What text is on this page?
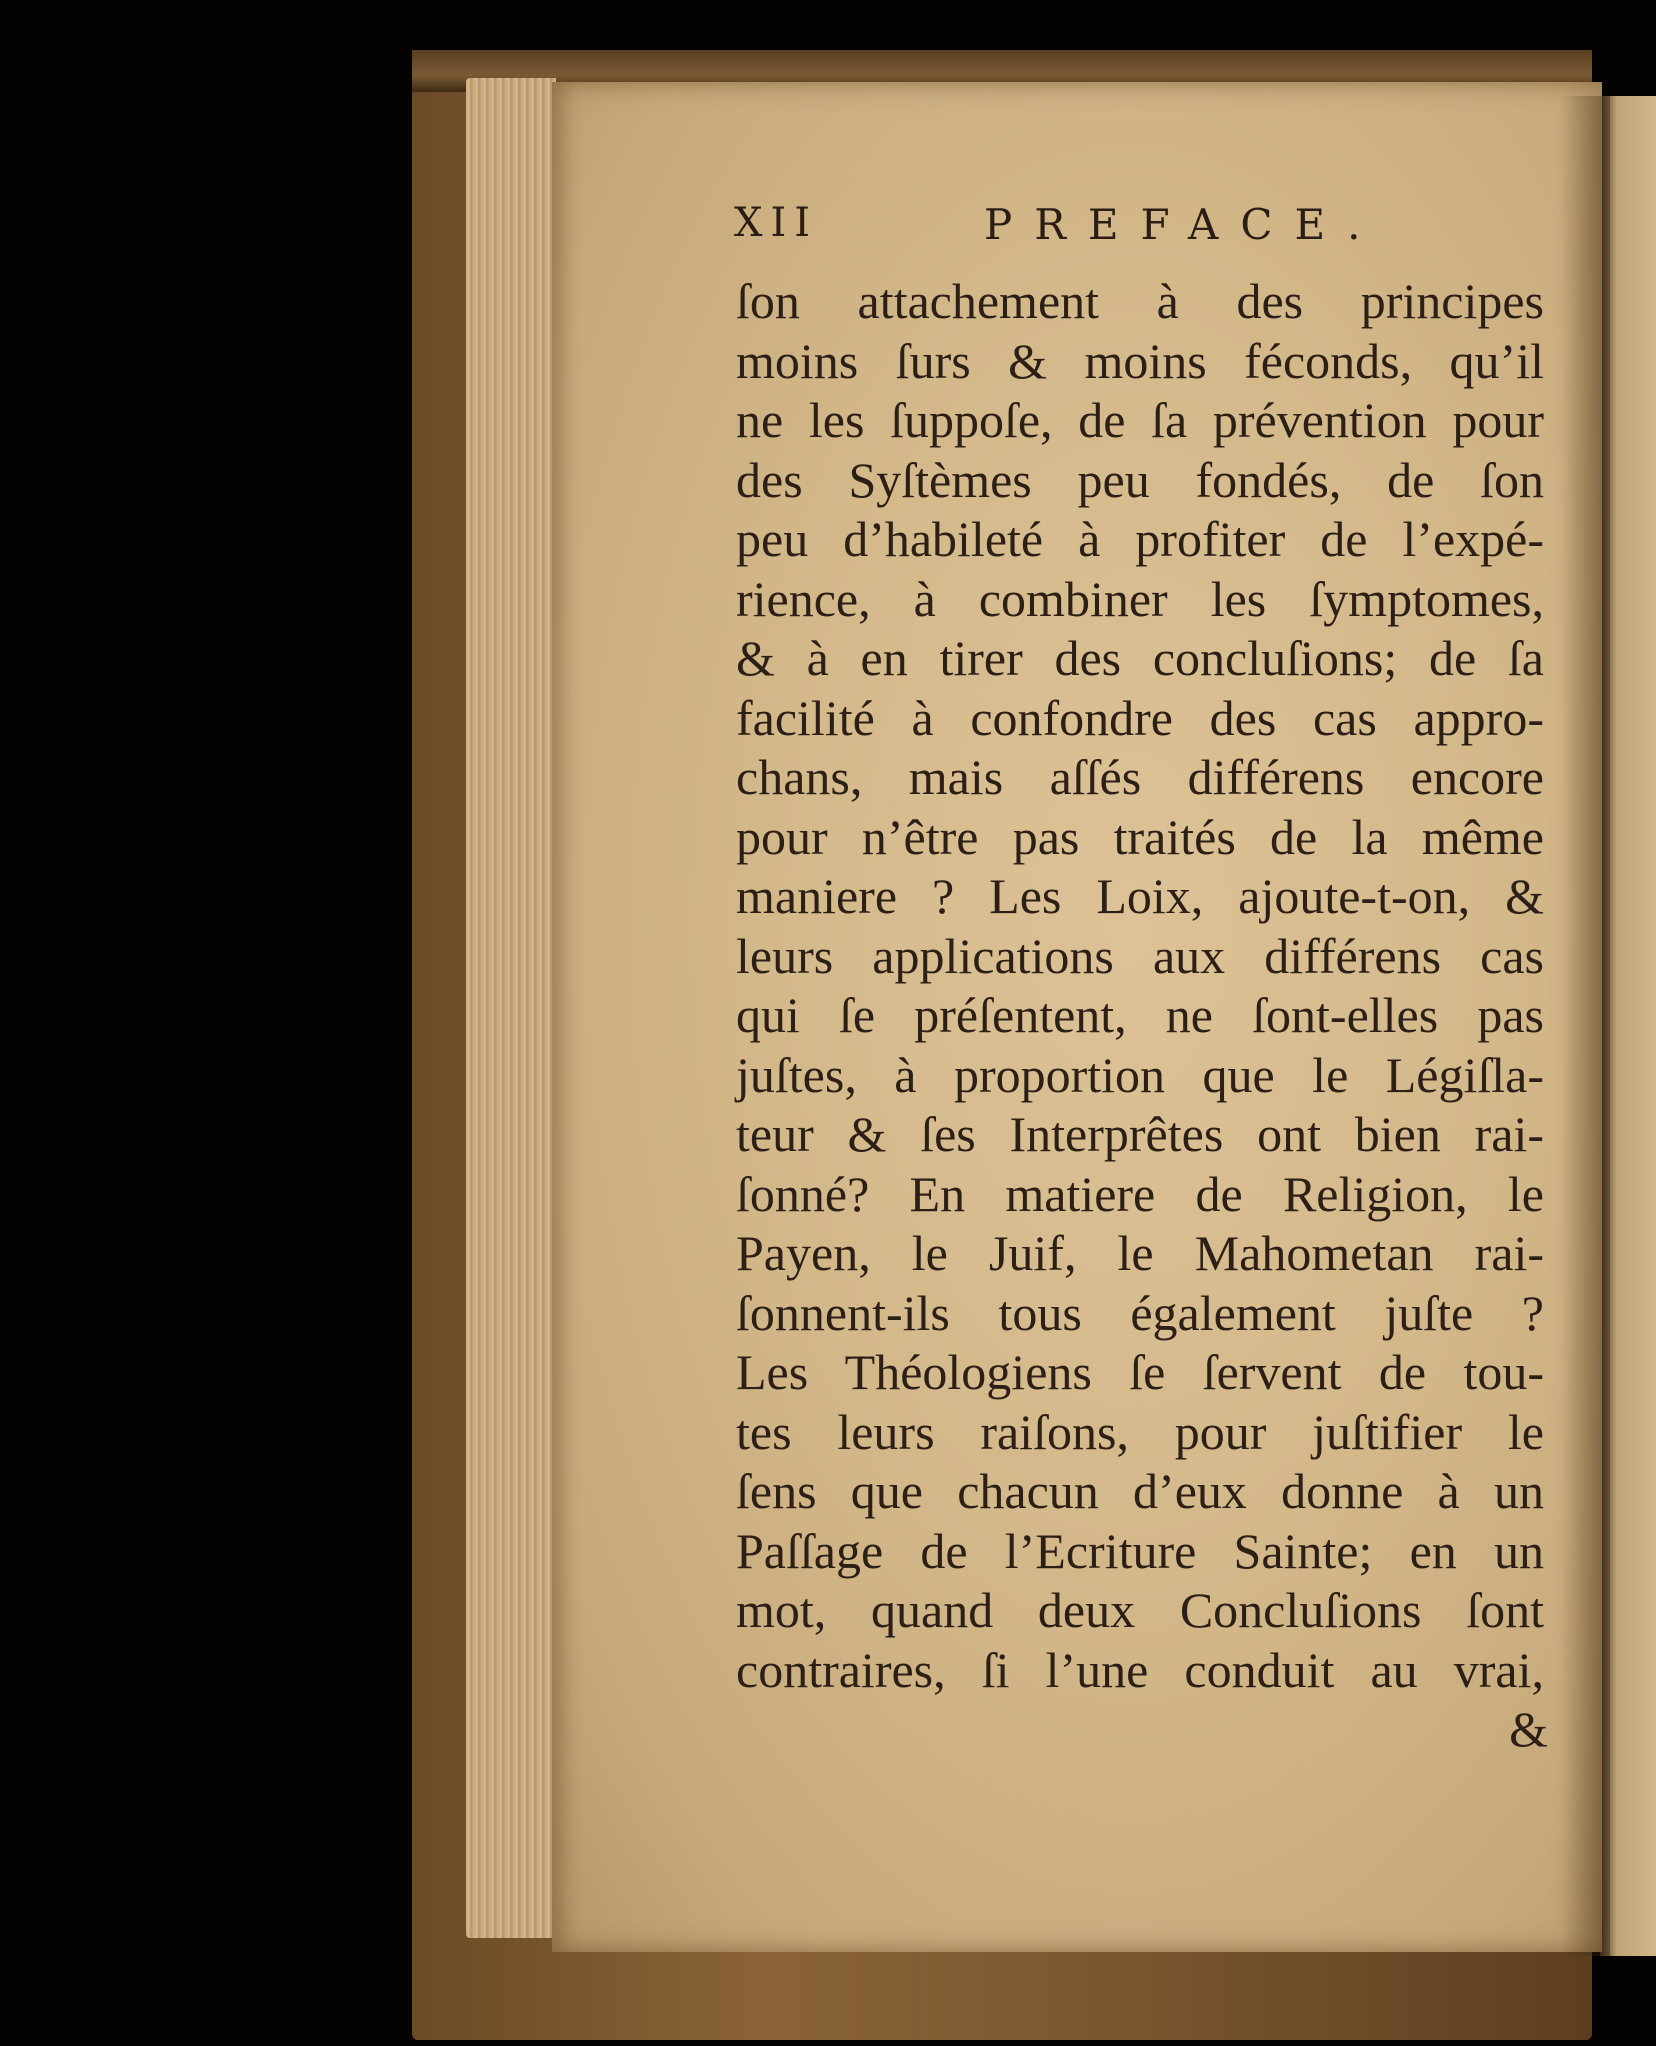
XII	PREFACE.
ſon attachement à des principes
moins ſurs & moins féconds, qu’il
ne les ſuppoſe, de ſa prévention pour
des Syſtèmes peu fondés, de ſon
peu d’habileté à profiter de l’expé-
rience, à combiner les ſymptomes,
& à en tirer des concluſions; de ſa
facilité à confondre des cas appro-
chans, mais aſſés différens encore
pour n’être pas traités de la même
maniere ? Les Loix, ajoute-t-on, &
leurs applications aux différens cas
qui ſe préſentent, ne ſont-elles pas
juſtes, à proportion que le Légiſla-
teur & ſes Interprêtes ont bien rai-
ſonné? En matiere de Religion, le
Payen, le Juif, le Mahometan rai-
ſonnent-ils tous également juſte ?
Les Théologiens ſe ſervent de tou-
tes leurs raiſons, pour juſtifier le
ſens que chacun d’eux donne à un
Paſſage de l’Ecriture Sainte; en un
mot, quand deux Concluſions ſont
contraires, ſi l’une conduit au vrai,
&
